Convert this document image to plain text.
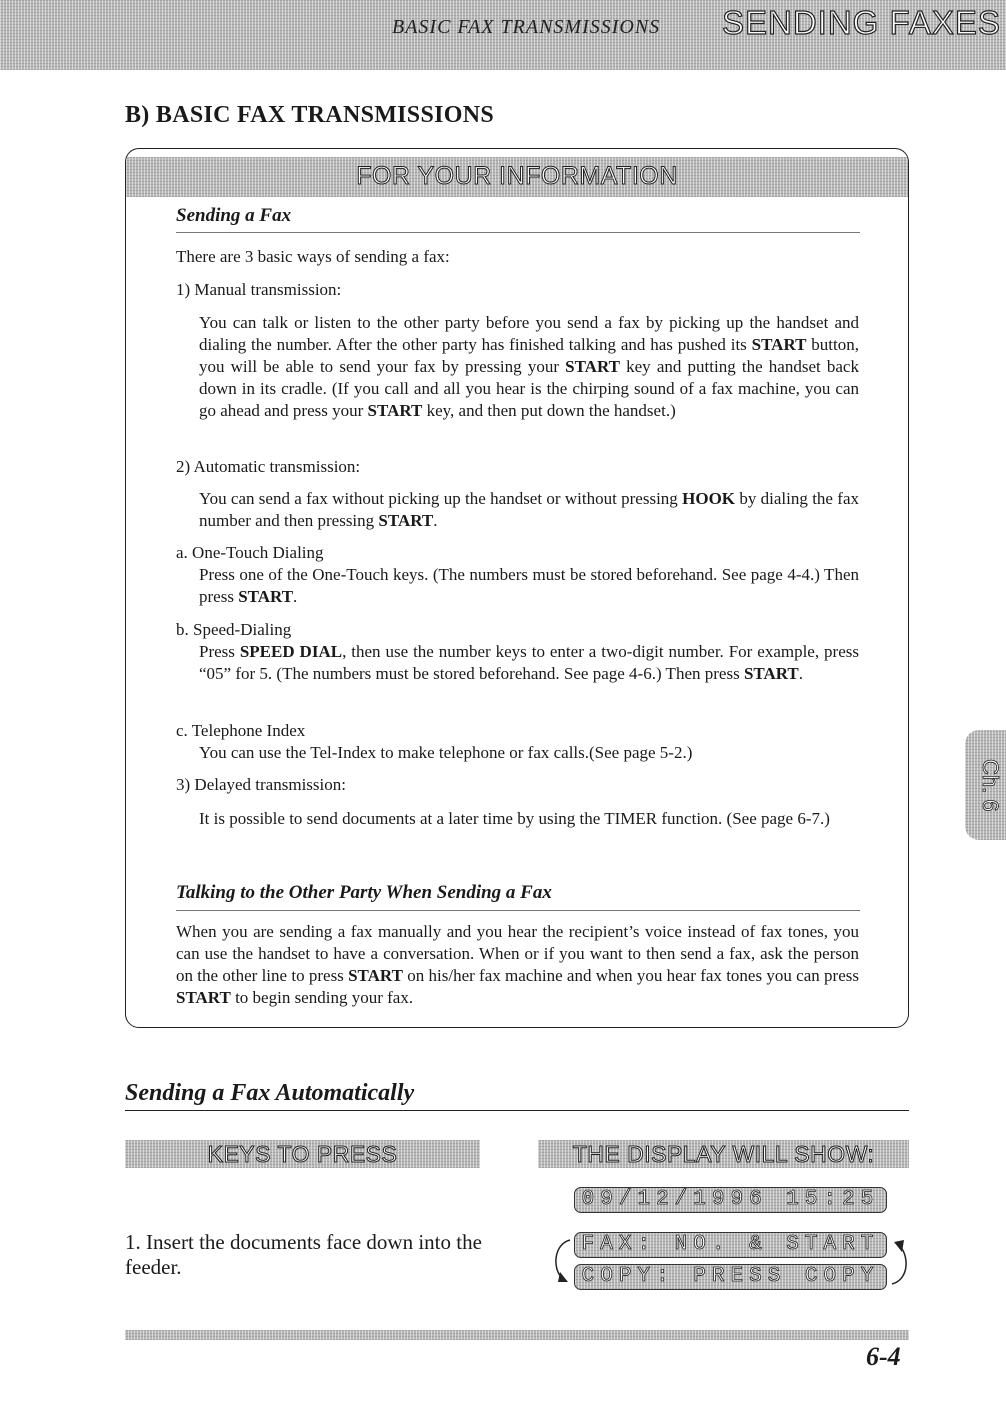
BASIC FAX TRANSMISSIONS SENDING FAXES
B) BASIC FAX TRANSMISSIONS
FOR YOUR INFORMATION
Sending a Fax
There are 3 basic ways of sending a fax:
1) Manual transmission:
You can talk or listen to the other party before you send a fax by picking up the handset and dialing the number. After the other party has finished talking and has pushed its START button, you will be able to send your fax by pressing your START key and putting the handset back down in its cradle. (If you call and all you hear is the chirping sound of a fax machine, you can go ahead and press your START key, and then put down the handset.)
2) Automatic transmission:
You can send a fax without picking up the handset or without pressing HOOK by dialing the fax number and then pressing START.
a. One-Touch Dialing
Press one of the One-Touch keys. (The numbers must be stored beforehand. See page 4-4.) Then press START.
b. Speed-Dialing
Press SPEED DIAL, then use the number keys to enter a two-digit number. For example, press “05” for 5. (The numbers must be stored beforehand. See page 4-6.) Then press START.
c. Telephone Index
You can use the Tel-Index to make telephone or fax calls.(See page 5-2.)
3) Delayed transmission:
It is possible to send documents at a later time by using the TIMER function. (See page 6-7.)
Talking to the Other Party When Sending a Fax
When you are sending a fax manually and you hear the recipient’s voice instead of fax tones, you can use the handset to have a conversation. When or if you want to then send a fax, ask the person on the other line to press START on his/her fax machine and when you hear fax tones you can press START to begin sending your fax.
Ch. 6
Sending a Fax Automatically
KEYS TO PRESS	THE DISPLAY WILL SHOW:
09/12/1996 15:25
FAX: NO. & START
COPY: PRESS COPY
1. Insert the documents face down into the feeder.
6-4
